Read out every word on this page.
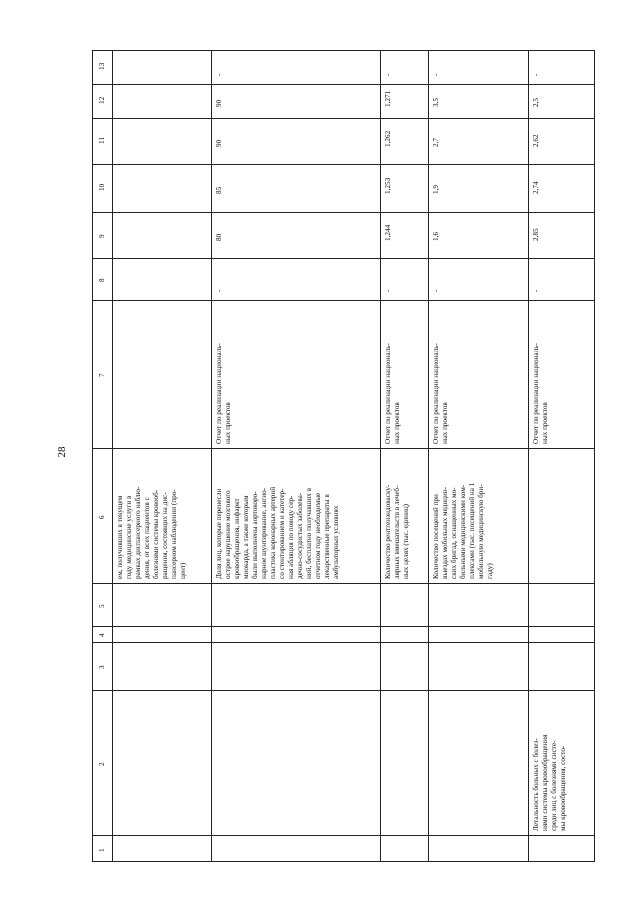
28
1
2
3
4
5
6
7
8
9
10
11
12
13
ем, получивших в текущем
году медицинские услуги в
рамках диспансерного наблю-
дения, от всех пациентов с
болезнями системы кровооб-
ращения, состоящих на дис-
пансерном наблюдении (про-
цент)	Доля лиц, которые перенесли
острое нарушение мозгового
кровообращения, инфаркт
миокарда, а также которым
были выполнены аортокоро-
нарное шунтирование, ангио-
пластика коронарных артерий
со стентированием и катетер-
ная абляция по поводу сер-
дечно-сосудистых заболева-
ний, бесплатно получавших в
отчетном году необходимые
лекарственные препараты в
амбулаторных условиях
Отчет по реализации националь-
ных проектов
-
80
85
90
90
-
Количество рентгенэндоваску-
лярных вмешательств в лечеб-
ных целях (тыс. единиц)
Отчет по реализации националь-
ных проектов
-
1,244
1,253
1,262
1,271
-
Количество посещений при
выездах мобильных медицин-
ских бригад, оснащенных мо-
бильными медицинскими ком-
плексами (тыс. посещений на 1
мобильную медицинскую бри-
гаду)
Отчет по реализации националь-
ных проектов
-
1,6
1,9
2,7
3,5
-
Летальность больных с болез-
нями системы кровообращения
среди лиц с болезнями систе-
мы кровообращения, состо-
Отчет по реализации националь-
ных проектов
-
2,85
2,74
2,62
2,5
-
